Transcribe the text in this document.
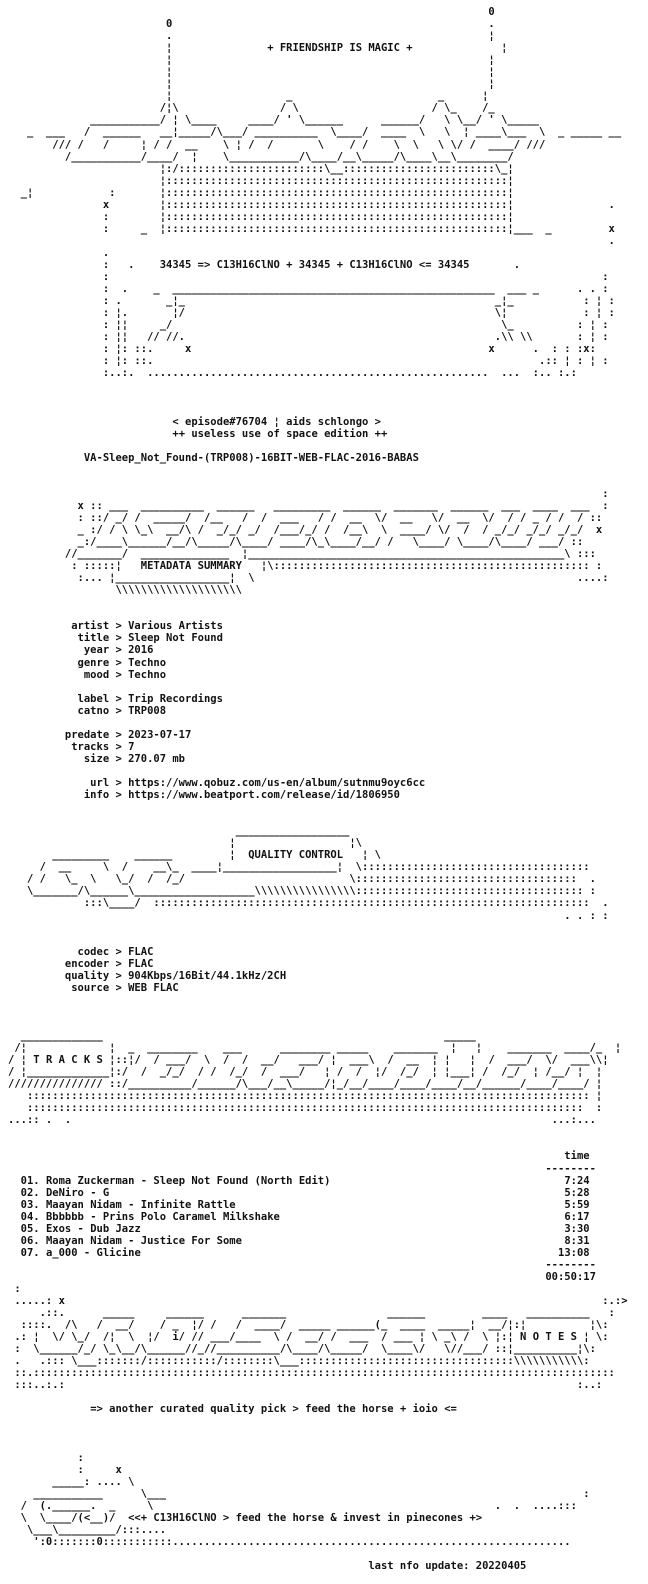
0
0                                                  .
.                                                  ¦
¦               + FRIENDSHIP IS MAGIC +              ¦
¦                                                  ¦
¦                                                  ¦
¦                                                  ¦
¦                  _                       _      ¦
/¦\                / \                     / \_    /_
___________/ ¦ \____     ____/ ' \______      ______/   \ \__/ ' \_____
_  ___   /  ______   __¦_____/\___/ __________  \____/  ____  \   \  ¦ ____\___  \  _ _____ __
/// /   /     ¦ / /  __    \ ¦ /  /       \    / /    \  \   \ \/ /  ____/ ///
/___________/____/  ¦    \___________/\____/__\_____/\____\__\________/
¦:/:::::::::::::::::::::::\__::::::::::::::::::::::::\_¦
¦::::::::::::::::::::::::::::::::::::::::::::::::::::::¦
_¦            :       ¦::::::::::::::::::::::::::::::::::::::::::::::::::::::¦
x        ¦::::::::::::::::::::::::::::::::::::::::::::::::::::::¦               .
:        ¦::::::::::::::::::::::::::::::::::::::::::::::::::::::¦
:     _  ¦::::::::::::::::::::::::::::::::::::::::::::::::::::::¦___  _         x
.
.
:   .    34345 => C13H16ClNO + 34345 + C13H16ClNO <= 34345       .
:                                                                              :
:  .    _  ___________________________________________________  ___ _      . . :
: .       _¦_                                                 _¦_           : ¦ :
: ¦.       ¦/                                                 \¦            : ¦ :
: ¦¦     _/                                                    \_          : ¦ :
: ¦¦   // //.                                                 .\\ \\       : ¦ :
: ¦: ::.     x                                               x      .  : : :x:
: ¦: ::.                                                             .:: ¦ : ¦ :
:..:.  ......................................................  ...  :.. :.:
< episode#76704 ¦ aids schlongo >
++ useless use of space edition ++
VA-Sleep_Not_Found-(TRP008)-16BIT-WEB-FLAC-2016-BABAS
:
x :: ___  __________  ______   _________  ______  _______  ______  ___  ____  ___  :
: ::/ _/ /  _____/  /__   /  /  ___   / /  __  \/  __   \/  __  \/  / / _ / /  / ::
_ :/ / \ \_\  __/\ /  _/_/ _/  /___/_/ /  /__\  \  ____/ \/  /  / _/_/ _/_/ _/_/  x
_:/____\______/__/\_____/\____/ ____/\_\____/__/ /   \____/ \____/\____/ ___/ ::
//_______/  ______________  ¦__________________________________________________\ :::
: :::::¦   METADATA SUMMARY   ¦\:::::::::::::::::::::::::::::::::::::::::::::::::: :
:... ¦__________________¦  \                                                   ....:
\\\\\\\\\\\\\\\\\\\\
artist > Various Artists
title > Sleep Not Found
year > 2016
genre > Techno
mood > Techno
label > Trip Recordings
catno > TRP008
predate > 2023-07-17
tracks > 7
size > 270.07 mb
url > https://www.qobuz.com/us-en/album/sutnmu9oyc6cc
info > https://www.beatport.com/release/id/1806950
__________________
¦                  ¦\
_________    ______         ¦  QUALITY CONTROL   ¦ \
/  __     \  /    __\_  ____¦__________________¦  \::::::::::::::::::::::::::::::::::::
/ /   \_  \   \_/  /  /_/                          \:::::::::::::::::::::::::::::::::::  .
\_______/\______\___________________\\\\\\\\\\\\\\\\:::::::::::::::::::::::::::::::::::: :
:::\____/  :::::::::::::::::::::::::::::::::::::::::::::::::::::::::::::::::::::  .
. . : :
codec > FLAC
encoder > FLAC
quality > 904Kbps/16Bit/44.1kHz/2CH
source > WEB FLAC
_____________                                                      _____
/¦             ¦  _  ________    ___      ________ _____    _______  ¦   ¦    _______  ____/_  ¦
/ ¦ T R A C K S ¦::¦/  / ___/  \  /  /  __/   ___/ ¦  ___\  /  __  ¦ ¦   ¦  /  ___/  \/  ___\\¦
/ ¦_____________¦:/  /  _/_/  / /  /_/  /  ___/   ¦ /  /  ¦/  /_/  ¦ ¦___¦ /  /_/  ¦ /__/ ¦  ¦
/////////////// ::/__________/______/\___/__\_____/¦_/__/____/____/____/__/______/____/____/ ¦
::::::::::::::::::::::::::::::::::::::::::::::::::::::::::::::::::::::::::::::::::::::::: ¦
::::::::::::::::::::::::::::::::::::::::::::::::::::::::::::::::::::::::::::::::::::::::  :
...:: .  .                                                                            ...:...
time
--------
01. Roma Zuckerman - Sleep Not Found (North Edit)	7:24
02. DeNiro - G	5:28
03. Maayan Nidam - Infinite Rattle	5:59
04. Bbbbbb - Prins Polo Caramel Milkshake	6:17
05. Exos - Dub Jazz	3:30
06. Maayan Nidam - Justice For Some	8:31
07. a_000 - Glicine	13:08
--------
00:50:17
:
.....: x                                                                                     :.:>
.::.      _____     ______      _______                ______         ____   __________   :
::::.  /\   /  __/    / _  ¦/ /   /  ____/  _____ ______(_  ____  _____¦  __/¦:¦          ¦\:
.: ¦  \/ \_/  /¦  \  ¦/  i/ // ___/____  \ /  __/ /  ___  / ___ ¦ \ _\ /  \ ¦:¦ N O T E S ¦ \:
:  \______/_/ \_\__/\______//_//__________/\____/\_____/  \____\/   \//___/ ::¦__________¦\:
.   .::: \___:::::::/:::::::::::/::::::::\___::::::::::::::::::::::::::::::::::\\\\\\\\\\\:
::.::::::::::::::::::::::::::::::::::::::::::::::::::::::::::::::::::::::::::::::::::::::::::::
:::..:.:                                                                                 :..:
=> another curated quality pick > feed the horse + ioio <=
:
:     x
_____: .... \
___________      \___                                                                  :
/  (.______.  _     \                                                      .  .  ....:::
\  \____/(<__)/  <<+ C13H16ClNO > feed the horse & invest in pinecones +>
\___\_________/:::....
':0:::::::0:::::::::::...............................................................
last nfo update: 20220405
